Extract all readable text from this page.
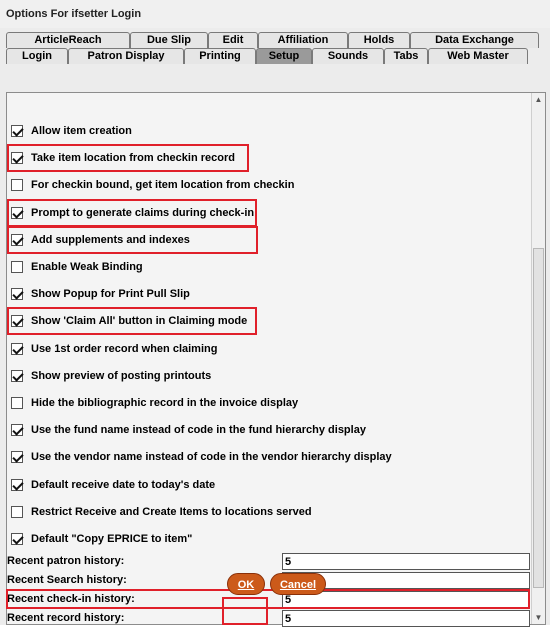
Options For ifsetter Login
ArticleReach	Due Slip	Edit	Affiliation	Holds	Data Exchange
Login	Patron Display	Printing	Setup	Sounds	Tabs	Web Master
Allow item creation
Take item location from checkin record
For checkin bound, get item location from checkin
Prompt to generate claims during check-in
Add supplements and indexes
Enable Weak Binding
Show Popup for Print Pull Slip
Show 'Claim All' button in Claiming mode
Use 1st order record when claiming
Show preview of posting printouts
Hide the bibliographic record in the invoice display
Use the fund name instead of code in the fund hierarchy display
Use the vendor name instead of code in the vendor hierarchy display
Default receive date to today's date
Restrict Receive and Create Items to locations served
Default "Copy EPRICE to item"
Recent patron history:
5
Recent Search history:
5
Recent check-in history:
5
Recent record history:
5
▲
▼
OK	Cancel
